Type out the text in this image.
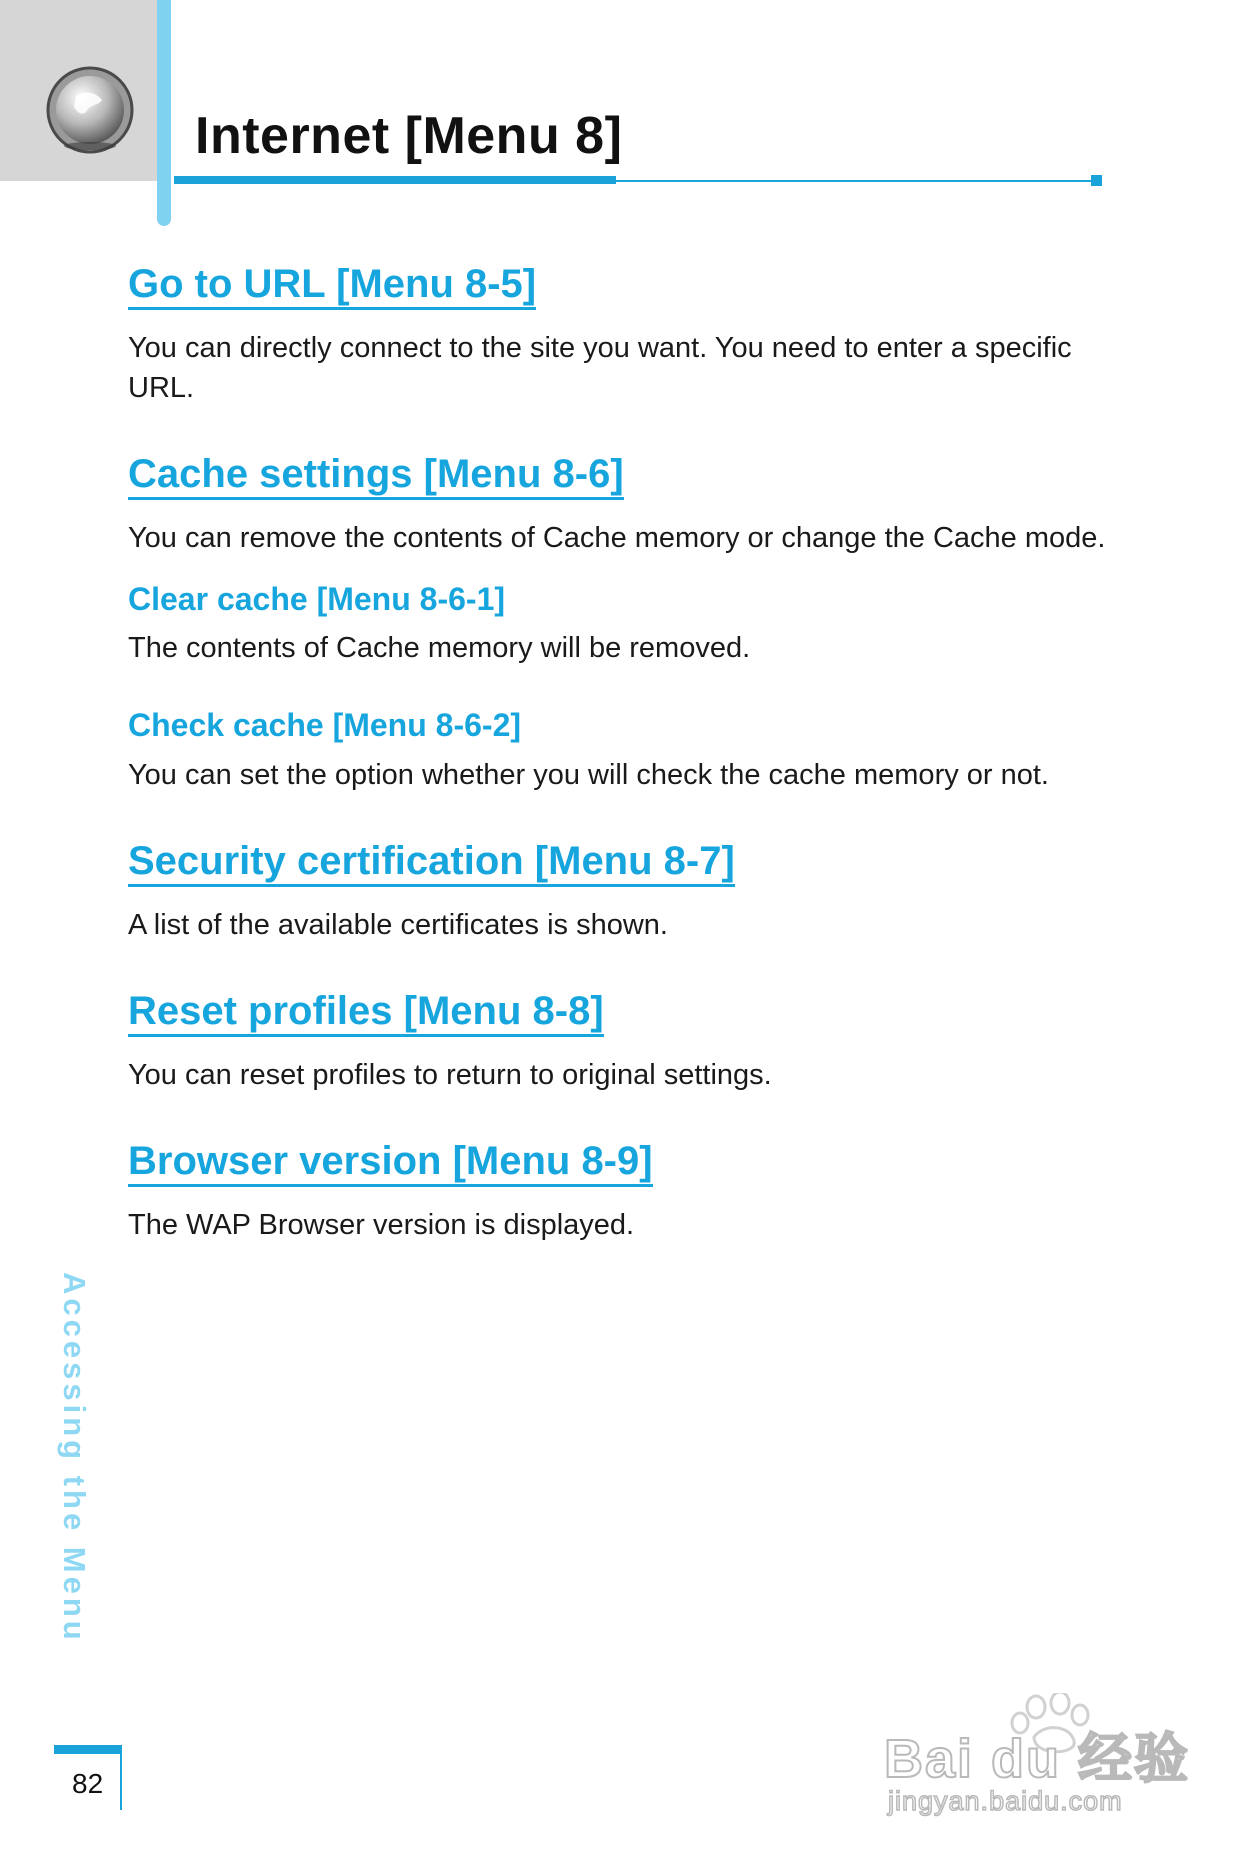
Internet [Menu 8]
Go to URL [Menu 8-5]

You can directly connect to the site you want. You need to enter a specific URL.

Cache settings [Menu 8-6]

You can remove the contents of Cache memory or change the Cache mode.

Clear cache [Menu 8-6-1]

The contents of Cache memory will be removed.

Check cache [Menu 8-6-2]

You can set the option whether you will check the cache memory or not.

Security certification [Menu 8-7]

A list of the available certificates is shown.

Reset profiles [Menu 8-8]

You can reset profiles to return to original settings.

Browser version [Menu 8-9]

The WAP Browser version is displayed.

Accessing the Menu
82	Bai du 经验
jingyan.baidu.com
